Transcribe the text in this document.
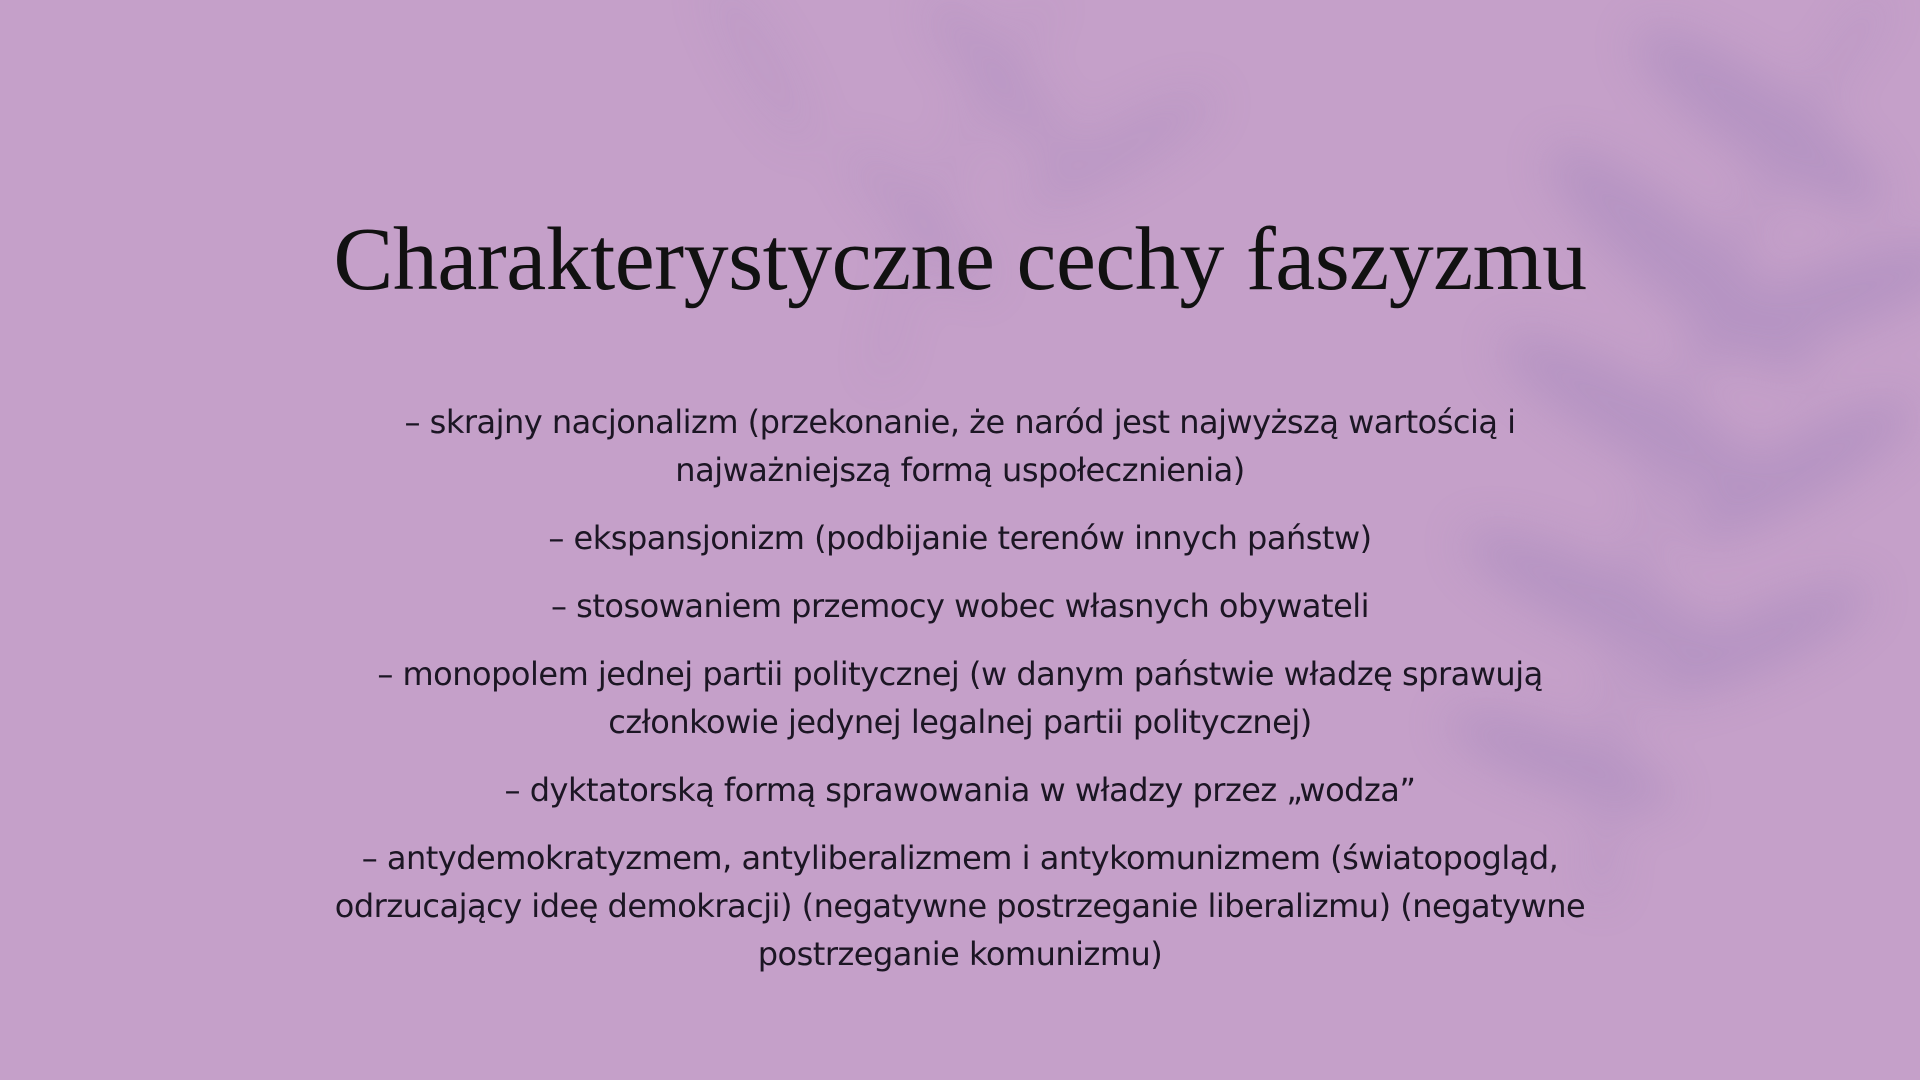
Charakterystyczne cechy faszyzmu
– skrajny nacjonalizm (przekonanie, że naród jest najwyższą wartością i najważniejszą formą uspołecznienia)
– ekspansjonizm (podbijanie terenów innych państw)
– stosowaniem przemocy wobec własnych obywateli
– monopolem jednej partii politycznej (w danym państwie władzę sprawują członkowie jedynej legalnej partii politycznej)
– dyktatorską formą sprawowania w władzy przez „wodza”
– antydemokratyzmem, antyliberalizmem i antykomunizmem (światopogląd, odrzucający ideę demokracji) (negatywne postrzeganie liberalizmu) (negatywne postrzeganie komunizmu)
